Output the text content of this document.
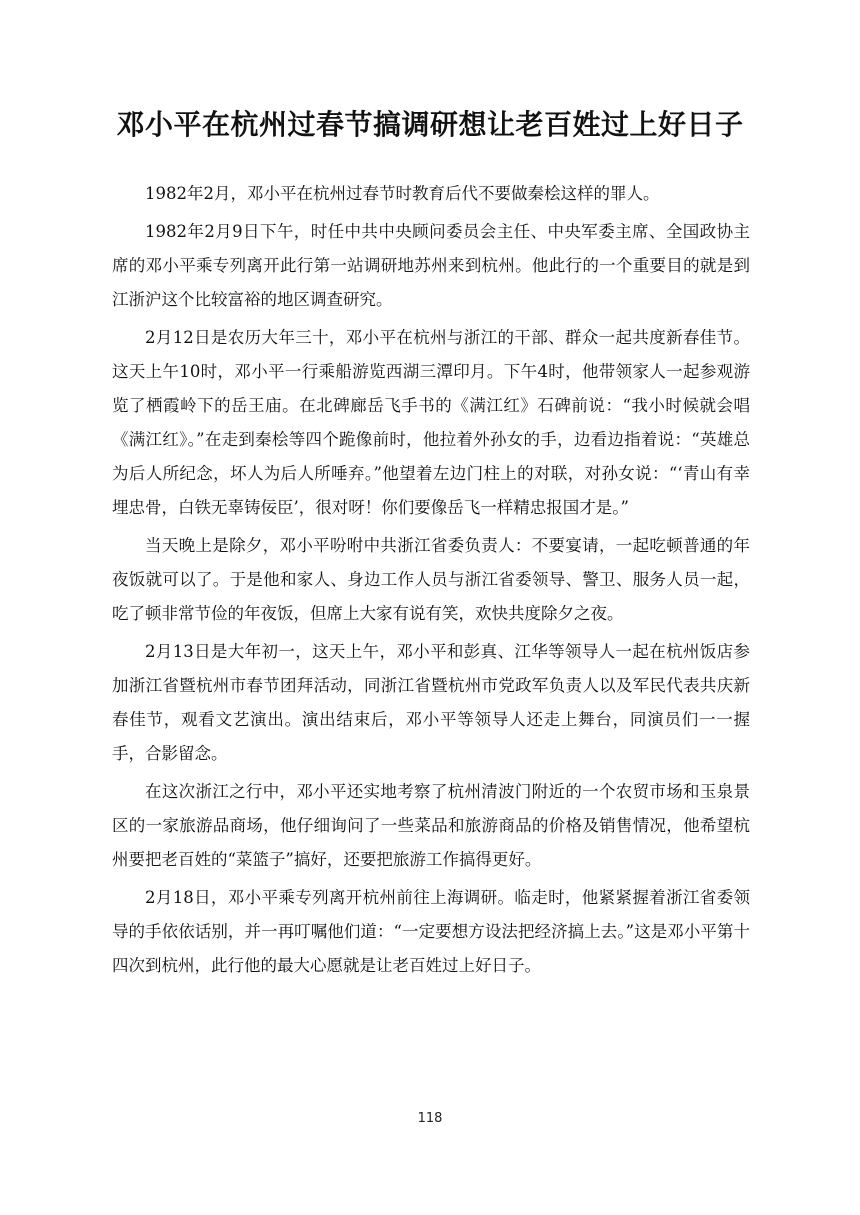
邓小平在杭州过春节搞调研想让老百姓过上好日子

1982年2月，邓小平在杭州过春节时教育后代不要做秦桧这样的罪人。

1982年2月9日下午，时任中共中央顾问委员会主任、中央军委主席、全国政协主席的邓小平乘专列离开此行第一站调研地苏州来到杭州。他此行的一个重要目的就是到江浙沪这个比较富裕的地区调查研究。

2月12日是农历大年三十，邓小平在杭州与浙江的干部、群众一起共度新春佳节。这天上午10时，邓小平一行乘船游览西湖三潭印月。下午4时，他带领家人一起参观游览了栖霞岭下的岳王庙。在北碑廊岳飞手书的《满江红》石碑前说：“我小时候就会唱《满江红》。”在走到秦桧等四个跪像前时，他拉着外孙女的手，边看边指着说：“英雄总为后人所纪念，坏人为后人所唾弃。”他望着左边门柱上的对联，对孙女说：“‘青山有幸埋忠骨，白铁无辜铸佞臣’，很对呀！你们要像岳飞一样精忠报国才是。”

当天晚上是除夕，邓小平吩咐中共浙江省委负责人：不要宴请，一起吃顿普通的年夜饭就可以了。于是他和家人、身边工作人员与浙江省委领导、警卫、服务人员一起，吃了顿非常节俭的年夜饭，但席上大家有说有笑，欢快共度除夕之夜。

2月13日是大年初一，这天上午，邓小平和彭真、江华等领导人一起在杭州饭店参加浙江省暨杭州市春节团拜活动，同浙江省暨杭州市党政军负责人以及军民代表共庆新春佳节，观看文艺演出。演出结束后，邓小平等领导人还走上舞台，同演员们一一握手，合影留念。

在这次浙江之行中，邓小平还实地考察了杭州清波门附近的一个农贸市场和玉泉景区的一家旅游品商场，他仔细询问了一些菜品和旅游商品的价格及销售情况，他希望杭州要把老百姓的“菜篮子”搞好，还要把旅游工作搞得更好。

2月18日，邓小平乘专列离开杭州前往上海调研。临走时，他紧紧握着浙江省委领导的手依依话别，并一再叮嘱他们道：“一定要想方设法把经济搞上去。”这是邓小平第十四次到杭州，此行他的最大心愿就是让老百姓过上好日子。

118
